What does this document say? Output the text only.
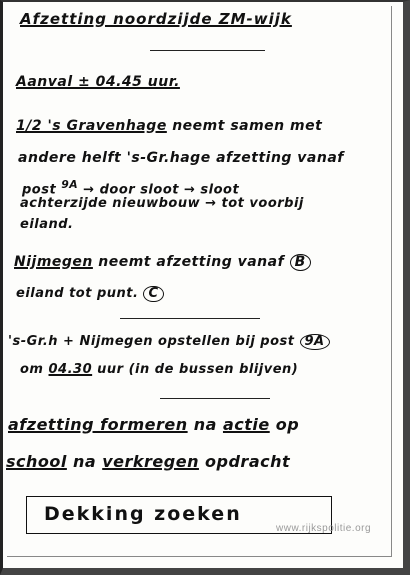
Afzetting noordzijde ZM-wijk
Aanval ± 04.45 uur.
1/2 's Gravenhage neemt samen met
andere helft 's-Gr.hage afzetting vanaf
post $^{9A}$ → door sloot → sloot
achterzijde nieuwbouw → tot voorbij
eiland.
Nijmegen neemt afzetting vanaf B
eiland tot punt. C
's-Gr.h + Nijmegen opstellen bij post 9A
om 04.30 uur (in de bussen blijven)
afzetting formeren na actie op
school na verkregen opdracht
Dekking zoeken
www.rijkspolitie.org
